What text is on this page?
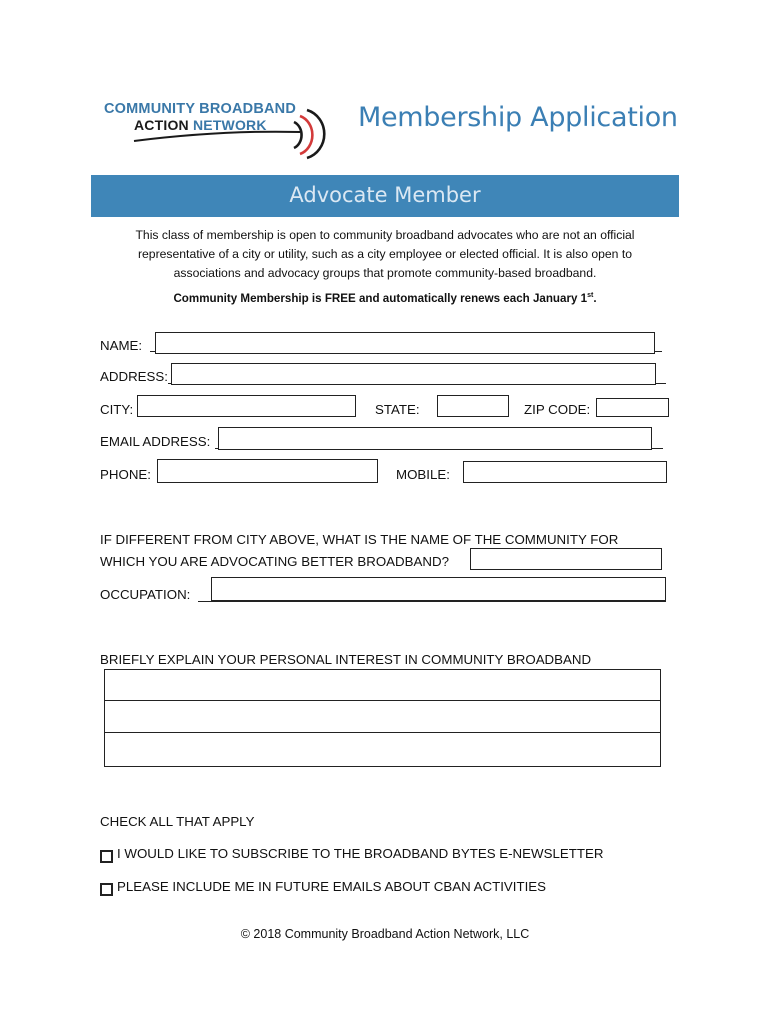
COMMUNITY BROADBAND
ACTION NETWORK	Membership Application
Advocate Member
This class of membership is open to community broadband advocates who are not an official
representative of a city or utility, such as a city employee or elected official. It is also open to
associations and advocacy groups that promote community-based broadband.
Community Membership is FREE and automatically renews each January 1st.
NAME:
ADDRESS:
CITY:	STATE:	ZIP CODE:
EMAIL ADDRESS:
PHONE:	MOBILE:
IF DIFFERENT FROM CITY ABOVE, WHAT IS THE NAME OF THE COMMUNITY FOR
WHICH YOU ARE ADVOCATING BETTER BROADBAND?
OCCUPATION:
BRIEFLY EXPLAIN YOUR PERSONAL INTEREST IN COMMUNITY BROADBAND
CHECK ALL THAT APPLY
I WOULD LIKE TO SUBSCRIBE TO THE BROADBAND BYTES E-NEWSLETTER
PLEASE INCLUDE ME IN FUTURE EMAILS ABOUT CBAN ACTIVITIES
© 2018 Community Broadband Action Network, LLC
